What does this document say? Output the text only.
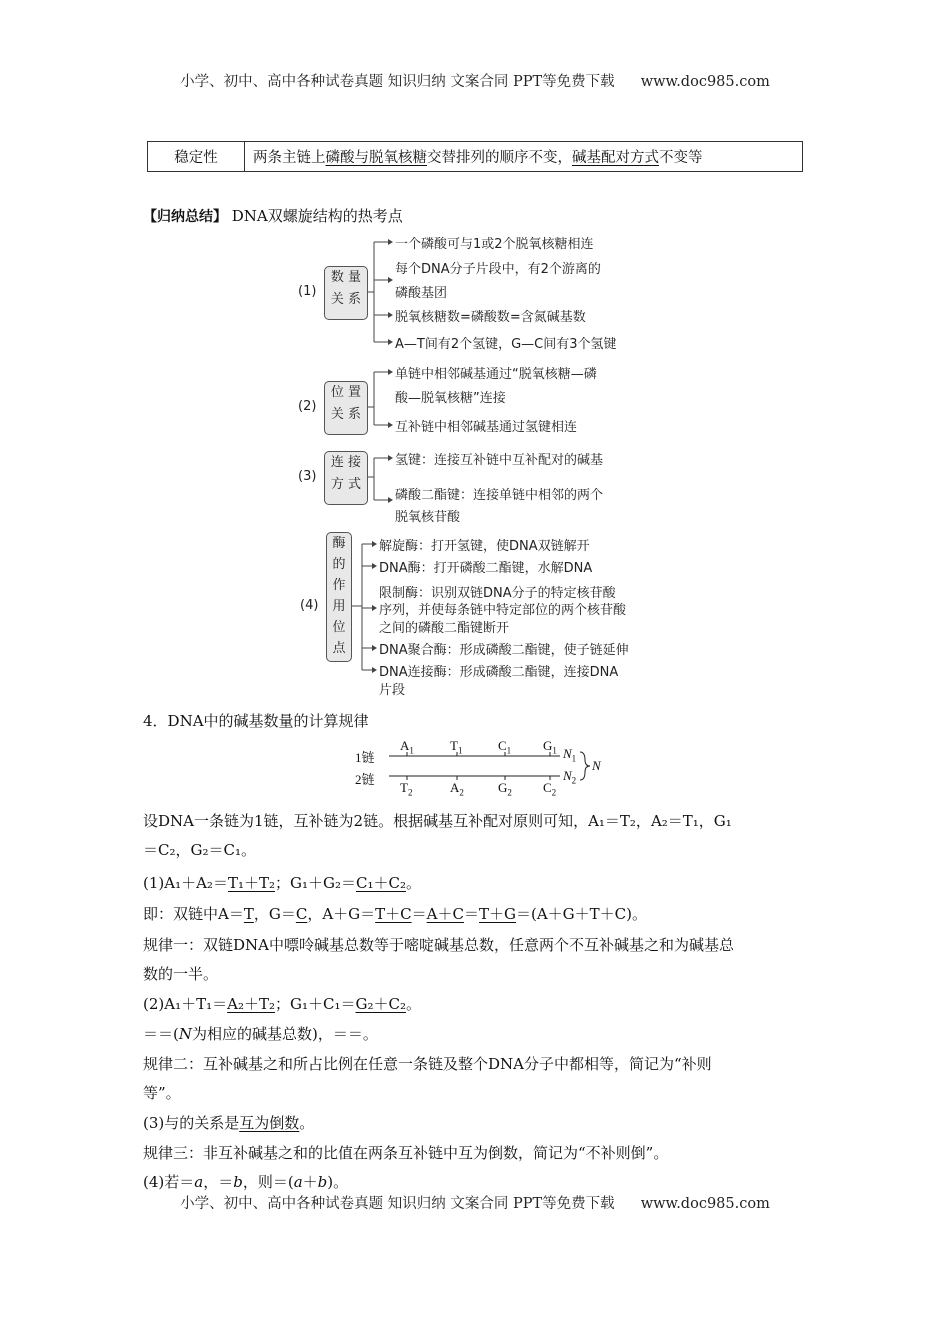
小学、初中、高中各种试卷真题 知识归纳 文案合同 PPT等免费下载 www.doc985.com
稳定性	两条主链上磷酸与脱氧核糖交替排列的顺序不变，碱基配对方式不变等
【归纳总结】 DNA双螺旋结构的热考点
(1)
数 量
关 系
一个磷酸可与1或2个脱氧核糖相连
每个DNA分子片段中，有2个游离的
磷酸基团
脱氧核糖数=磷酸数=含氮碱基数
A—T间有2个氢键，G—C间有3个氢键
(2)
位 置
关 系
单链中相邻碱基通过“脱氧核糖—磷
酸—脱氧核糖”连接
互补链中相邻碱基通过氢键相连
(3)
连 接
方 式
氢键：连接互补链中互补配对的碱基
磷酸二酯键：连接单链中相邻的两个
脱氧核苷酸
(4)
酶
的
作
用
位
点
解旋酶：打开氢键，使DNA双链解开
DNA酶：打开磷酸二酯键，水解DNA
限制酶：识别双链DNA分子的特定核苷酸
序列，并使每条链中特定部位的两个核苷酸
之间的磷酸二酯键断开
DNA聚合酶：形成磷酸二酯键，使子链延伸
DNA连接酶：形成磷酸二酯键，连接DNA
片段
4．DNA中的碱基数量的计算规律
1链
2链
$A_1$	$T_1$	$C_1$ $G_1$
$T_2$	$A_2$	$G_2$ $C_2$
$N_1$
$N_2$
N
设DNA一条链为1链，互补链为2链。根据碱基互补配对原则可知，A₁＝T₂，A₂＝T₁，G₁
＝C₂，G₂＝C₁。
(1)A₁＋A₂＝T₁＋T₂；G₁＋G₂＝C₁＋C₂。
即：双链中A＝T，G＝C，A＋G＝T＋C＝A＋C＝T＋G＝(A＋G＋T＋C)。
规律一：双链DNA中嘌呤碱基总数等于嘧啶碱基总数，任意两个不互补碱基之和为碱基总
数的一半。
(2)A₁＋T₁＝A₂＋T₂；G₁＋C₁＝G₂＋C₂。
＝＝(N为相应的碱基总数)，＝＝。
规律二：互补碱基之和所占比例在任意一条链及整个DNA分子中都相等，简记为“补则
等”。
(3)与的关系是互为倒数。
规律三：非互补碱基之和的比值在两条互补链中互为倒数，简记为“不补则倒”。
(4)若＝a，＝b，则＝(a＋b)。
小学、初中、高中各种试卷真题 知识归纳 文案合同 PPT等免费下载 www.doc985.com
